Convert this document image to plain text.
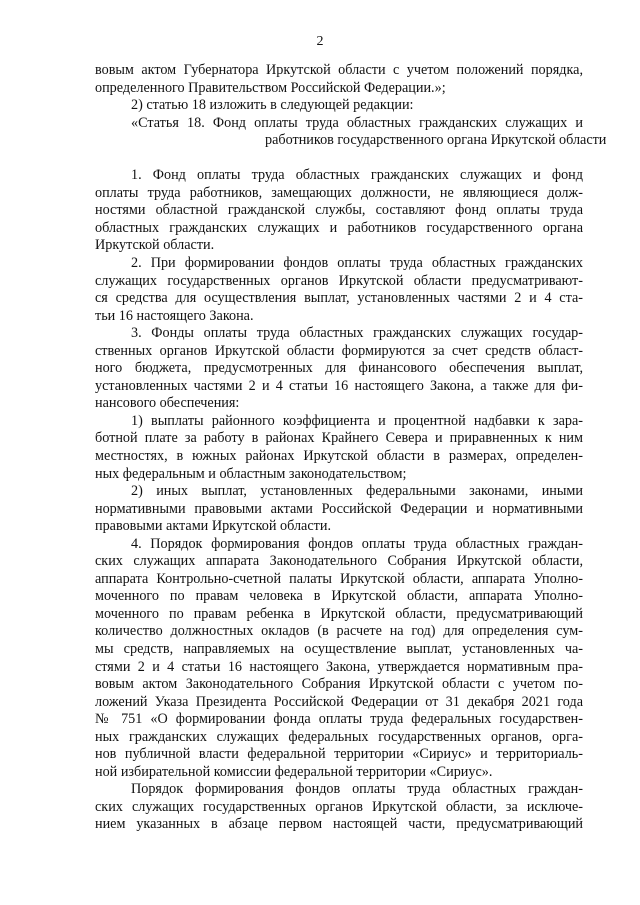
2
вовым актом Губернатора Иркутской области с учетом положений порядка,
определенного Правительством Российской Федерации.»;
2) статью 18 изложить в следующей редакции:
«Статья 18. Фонд оплаты труда областных гражданских служащих и
работников государственного органа Иркутской области
1. Фонд оплаты труда областных гражданских служащих и фонд
оплаты труда работников, замещающих должности, не являющиеся долж-
ностями областной гражданской службы, составляют фонд оплаты труда
областных гражданских служащих и работников государственного органа
Иркутской области.
2. При формировании фондов оплаты труда областных гражданских
служащих государственных органов Иркутской области предусматривают-
ся средства для осуществления выплат, установленных частями 2 и 4 ста-
тьи 16 настоящего Закона.
3. Фонды оплаты труда областных гражданских служащих государ-
ственных органов Иркутской области формируются за счет средств област-
ного бюджета, предусмотренных для финансового обеспечения выплат,
установленных частями 2 и 4 статьи 16 настоящего Закона, а также для фи-
нансового обеспечения:
1) выплаты районного коэффициента и процентной надбавки к зара-
ботной плате за работу в районах Крайнего Севера и приравненных к ним
местностях, в южных районах Иркутской области в размерах, определен-
ных федеральным и областным законодательством;
2) иных выплат, установленных федеральными законами, иными
нормативными правовыми актами Российской Федерации и нормативными
правовыми актами Иркутской области.
4. Порядок формирования фондов оплаты труда областных граждан-
ских служащих аппарата Законодательного Собрания Иркутской области,
аппарата Контрольно-счетной палаты Иркутской области, аппарата Уполно-
моченного по правам человека в Иркутской области, аппарата Уполно-
моченного по правам ребенка в Иркутской области, предусматривающий
количество должностных окладов (в расчете на год) для определения сум-
мы средств, направляемых на осуществление выплат, установленных ча-
стями 2 и 4 статьи 16 настоящего Закона, утверждается нормативным пра-
вовым актом Законодательного Собрания Иркутской области с учетом по-
ложений Указа Президента Российской Федерации от 31 декабря 2021 года
№ 751 «О формировании фонда оплаты труда федеральных государствен-
ных гражданских служащих федеральных государственных органов, орга-
нов публичной власти федеральной территории «Сириус» и территориаль-
ной избирательной комиссии федеральной территории «Сириус».
Порядок формирования фондов оплаты труда областных граждан-
ских служащих государственных органов Иркутской области, за исключе-
нием указанных в абзаце первом настоящей части, предусматривающий
